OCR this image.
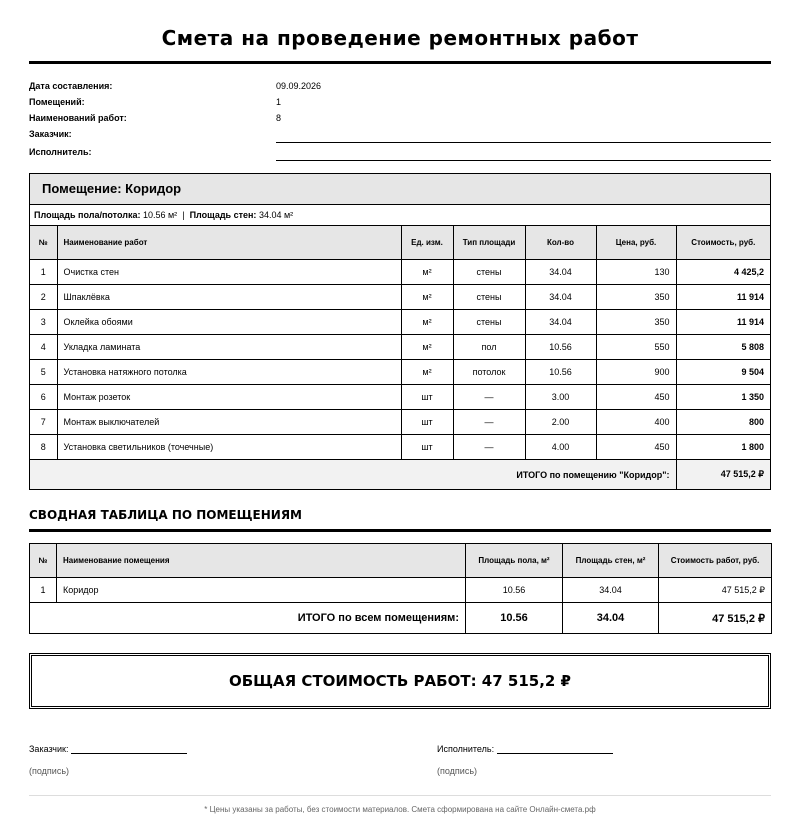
Смета на проведение ремонтных работ
Дата составления:	09.09.2026
Помещений:	1
Наименований работ:	8
Заказчик:
Исполнитель:
Помещение: Коридор
Площадь пола/потолка: 10.56 м² | Площадь стен: 34.04 м²
№	Наименование работ	Ед. изм.	Тип площади	Кол-во	Цена, руб.	Стоимость, руб.
1	Очистка стен	м²	стены	34.04	130	4 425,2
2	Шпаклёвка	м²	стены	34.04	350	11 914
3	Оклейка обоями	м²	стены	34.04	350	11 914
4	Укладка ламината	м²	пол	10.56	550	5 808
5	Установка натяжного потолка	м²	потолок	10.56	900	9 504
6	Монтаж розеток	шт	—	3.00	450	1 350
7	Монтаж выключателей	шт	—	2.00	400	800
8	Установка светильников (точечные)	шт	—	4.00	450	1 800
ИТОГО по помещению "Коридор":						47 515,2 ₽
СВОДНАЯ ТАБЛИЦА ПО ПОМЕЩЕНИЯМ
№	Наименование помещения	Площадь пола, м²	Площадь стен, м²	Стоимость работ, руб.
1	Коридор	10.56	34.04	47 515,2 ₽
ИТОГО по всем помещениям:		10.56	34.04	47 515,2 ₽
ОБЩАЯ СТОИМОСТЬ РАБОТ: 47 515,2 ₽
Заказчик:	Исполнитель:
(подпись)	(подпись)
* Цены указаны за работы, без стоимости материалов. Смета сформирована на сайте Онлайн-смета.рф
